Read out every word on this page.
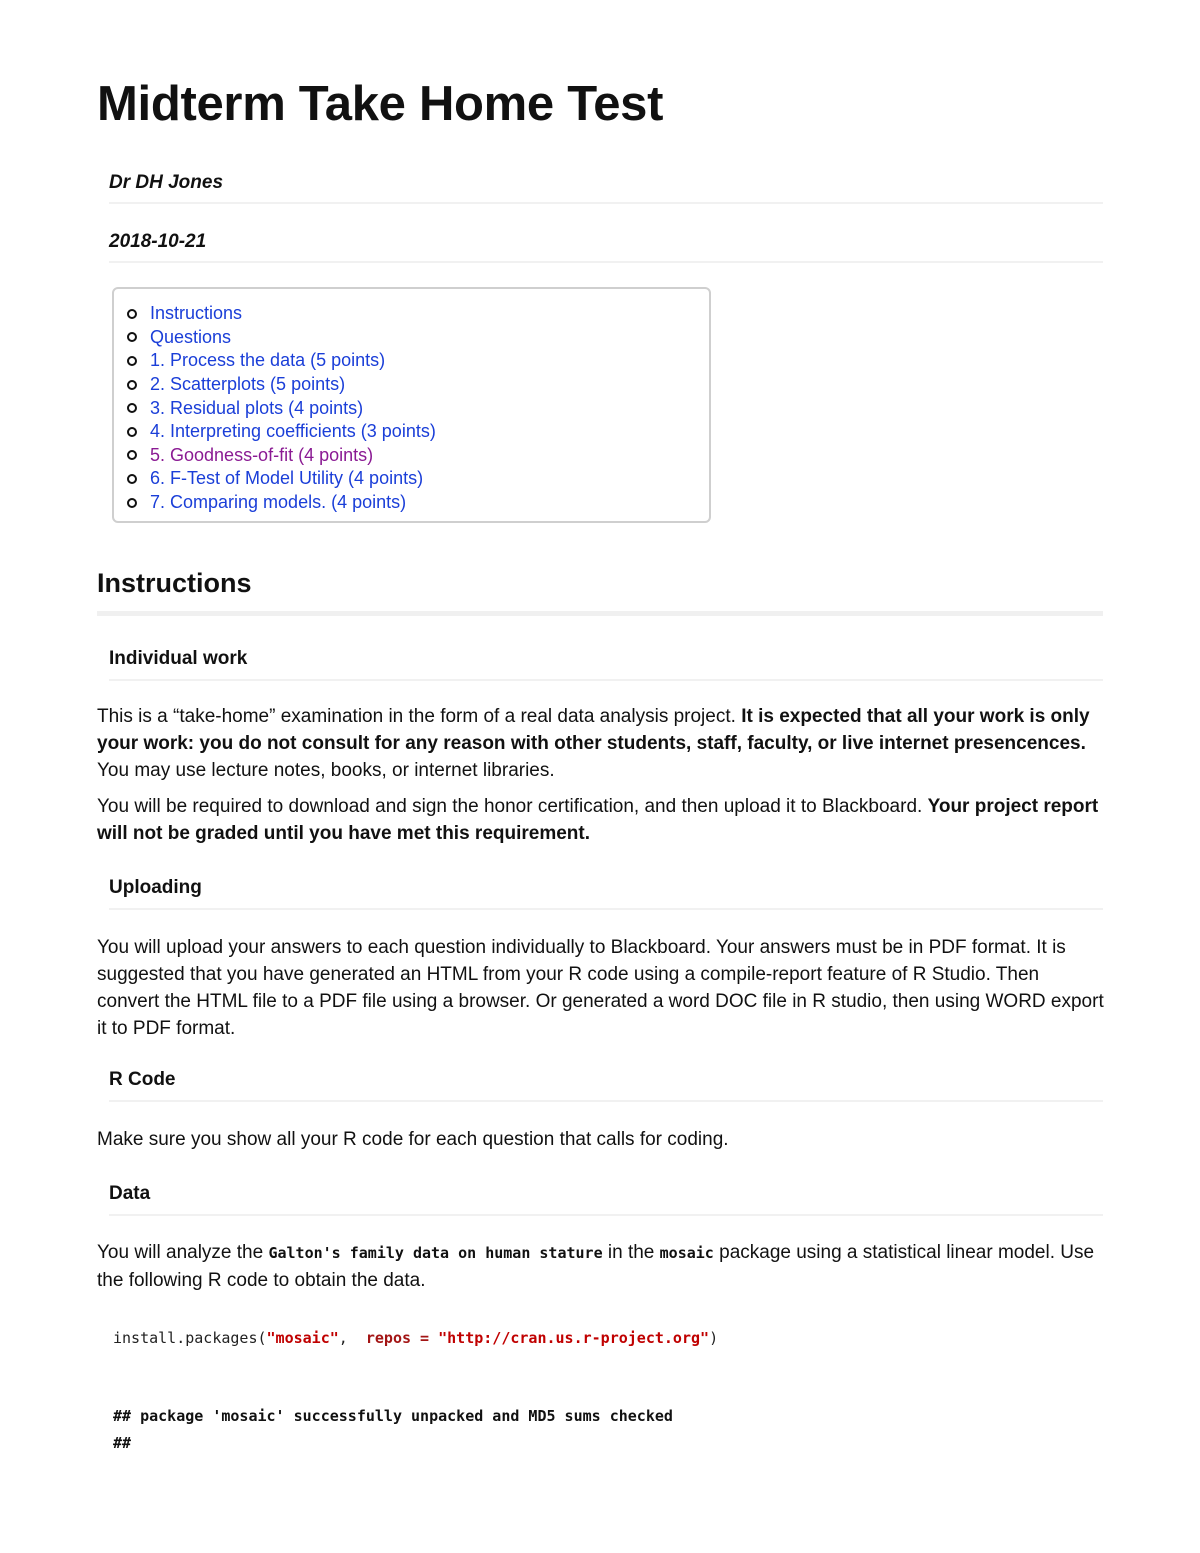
Midterm Take Home Test
Dr DH Jones
2018-10-21
Instructions
Questions
1. Process the data (5 points)
2. Scatterplots (5 points)
3. Residual plots (4 points)
4. Interpreting coefficients (3 points)
5. Goodness-of-fit (4 points)
6. F-Test of Model Utility (4 points)
7. Comparing models. (4 points)
Instructions
Individual work

This is a “take-home” examination in the form of a real data analysis project. It is expected that all your work is only your work: you do not consult for any reason with other students, staff, faculty, or live internet presencences. You may use lecture notes, books, or internet libraries.

You will be required to download and sign the honor certification, and then upload it to Blackboard. Your project report will not be graded until you have met this requirement.

Uploading

You will upload your answers to each question individually to Blackboard. Your answers must be in PDF format. It is suggested that you have generated an HTML from your R code using a compile-report feature of R Studio. Then convert the HTML file to a PDF file using a browser. Or generated a word DOC file in R studio, then using WORD export it to PDF format.

R Code

Make sure you show all your R code for each question that calls for coding.

Data

You will analyze the Galton's family data on human stature in the mosaic package using a statistical linear model. Use the following R code to obtain the data.

install.packages("mosaic",  repos = "http://cran.us.r-project.org")
## package 'mosaic' successfully unpacked and MD5 sums checked
##
